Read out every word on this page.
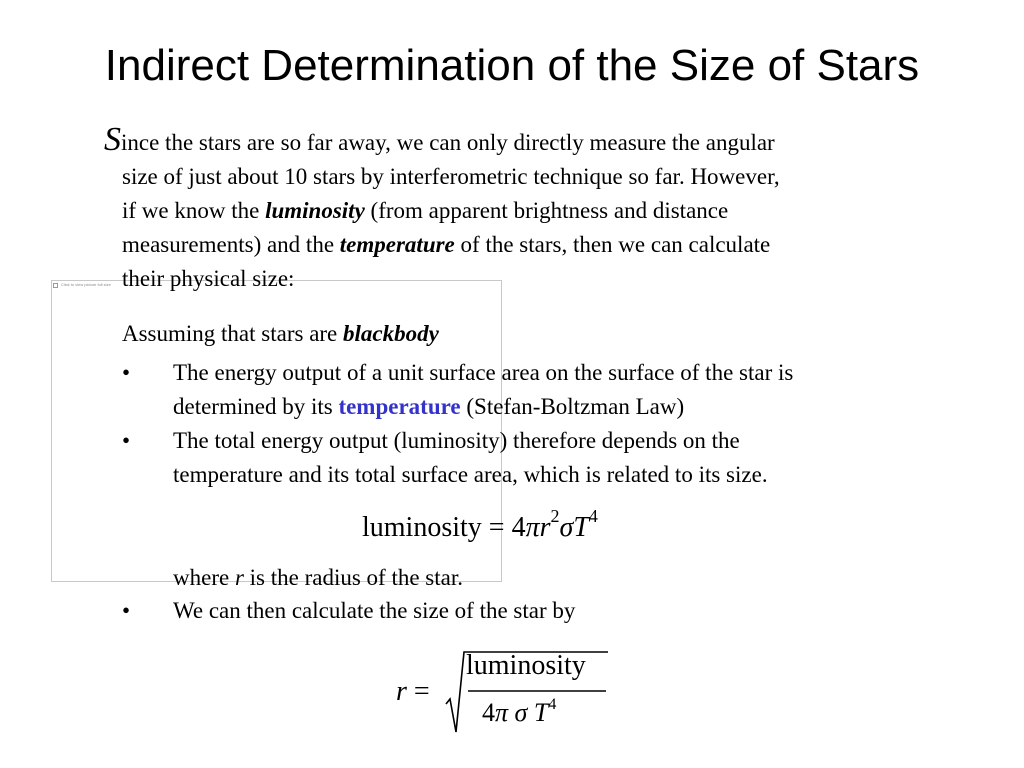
Indirect Determination of the Size of Stars
Click to view picture full size
Since the stars are so far away, we can only directly measure the angular
size of just about 10 stars by interferometric technique so far. However,
if we know the luminosity (from apparent brightness and distance
measurements) and the temperature of the stars, then we can calculate
their physical size:
Assuming that stars are blackbody
• The energy output of a unit surface area on the surface of the star is
determined by its temperature (Stefan-Boltzman Law)
• The total energy output (luminosity) therefore depends on the
temperature and its total surface area, which is related to its size.
luminosity = $4\pi r^2\sigma T^4$
where r is the radius of the star.
• We can then calculate the size of the star by
r =
luminosity
4π σ $T^4$
